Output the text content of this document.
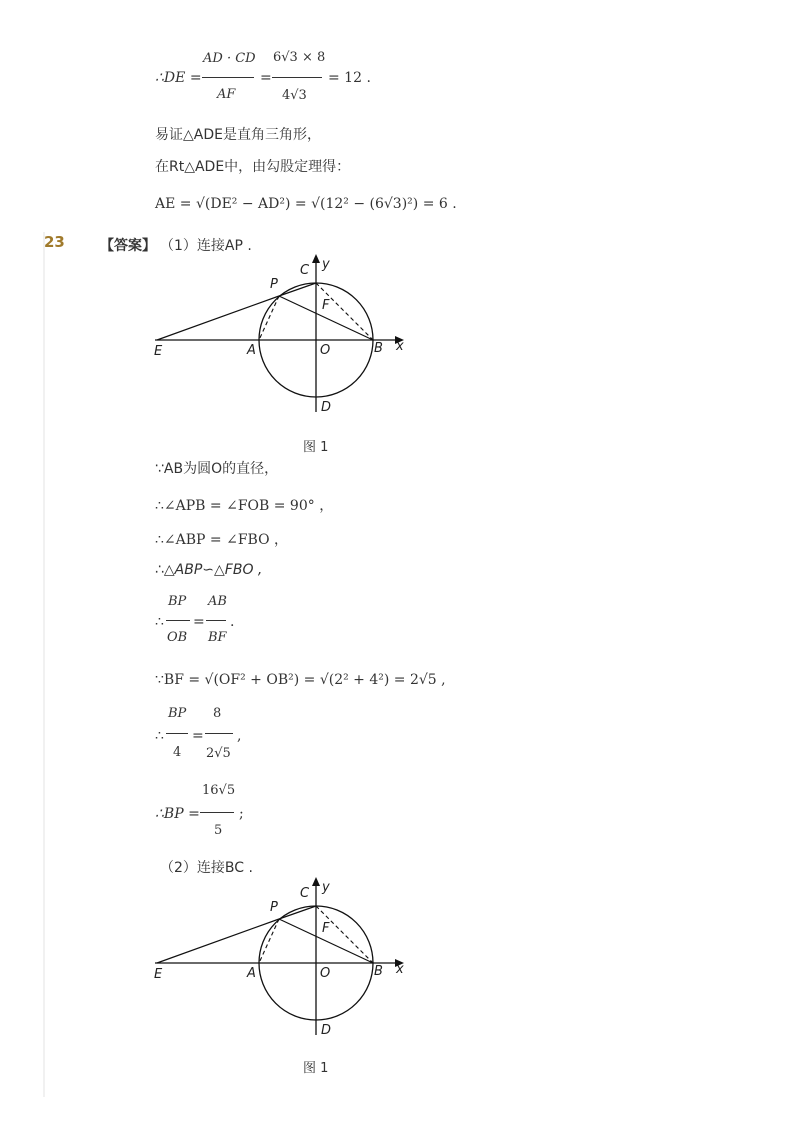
∴DE =
AD · CD
AF
=
6√3 × 8
4√3
= 12 .
易证△ADE是直角三角形，
在Rt△ADE中，由勾股定理得：
AE = √(DE² − AD²) = √(12² − (6√3)²) = 6 .
23	【答案】 （1）连接AP .
C y
P
F
E	A	O	B x
D
图 1
∵AB为圆O的直径，
∴∠APB = ∠FOB = 90° ，
∴∠ABP = ∠FBO ，
∴△ABP∽△FBO ,
∴
BP
OB
=
AB
BF
.
∵BF = √(OF² + OB²) = √(2² + 4²) = 2√5 ,
∴
BP
4
=
8
2√5
,
∴BP =
16√5
5
;
（2）连接BC .
C y
P
F
E	A	O	B x
D
图 1
